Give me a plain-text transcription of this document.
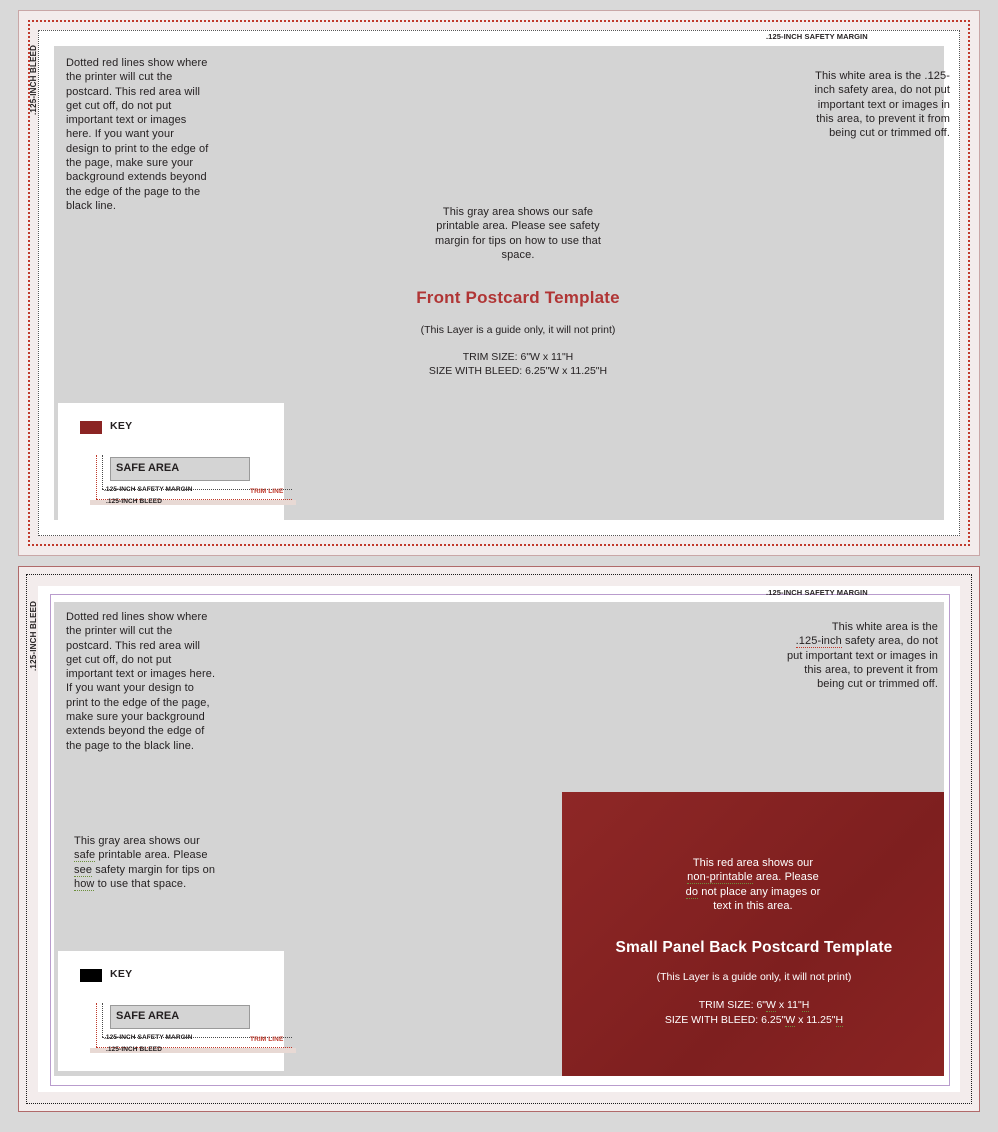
.125-INCH BLEED
.125-INCH SAFETY MARGIN
Dotted red lines show where the printer will cut the postcard. This red area will get cut off, do not put important text or images here. If you want your design to print to the edge of the page, make sure your background extends beyond the edge of the page to the black line.
This white area is the .125-inch safety area, do not put important text or images in this area, to prevent it from being cut or trimmed off.
This gray area shows our safe printable area. Please see safety margin for tips on how to use that space.
Front Postcard Template
(This Layer is a guide only, it will not print)
TRIM SIZE: 6"W x 11"H
SIZE WITH BLEED: 6.25"W x 11.25"H
KEY
SAFE AREA
.125-INCH SAFETY MARGIN	TRIM LINE
.125-INCH BLEED
.125-INCH BLEED
.125-INCH SAFETY MARGIN
Dotted red lines show where the printer will cut the postcard. This red area will get cut off, do not put important text or images here. If you want your design to print to the edge of the page, make sure your background extends beyond the edge of the page to the black line.
This white area is the
.125-inch safety area, do not put important text or images in this area, to prevent it from being cut or trimmed off.
This gray area shows our
safe printable area. Please
see safety margin for tips on
how to use that space.
This red area shows our
non-printable area. Please
do not place any images or
text in this area.
Small Panel Back Postcard Template
(This Layer is a guide only, it will not print)
TRIM SIZE: 6"W x 11"H
SIZE WITH BLEED: 6.25"W x 11.25"H
KEY
SAFE AREA
.125-INCH SAFETY MARGIN	TRIM LINE
.125-INCH BLEED
